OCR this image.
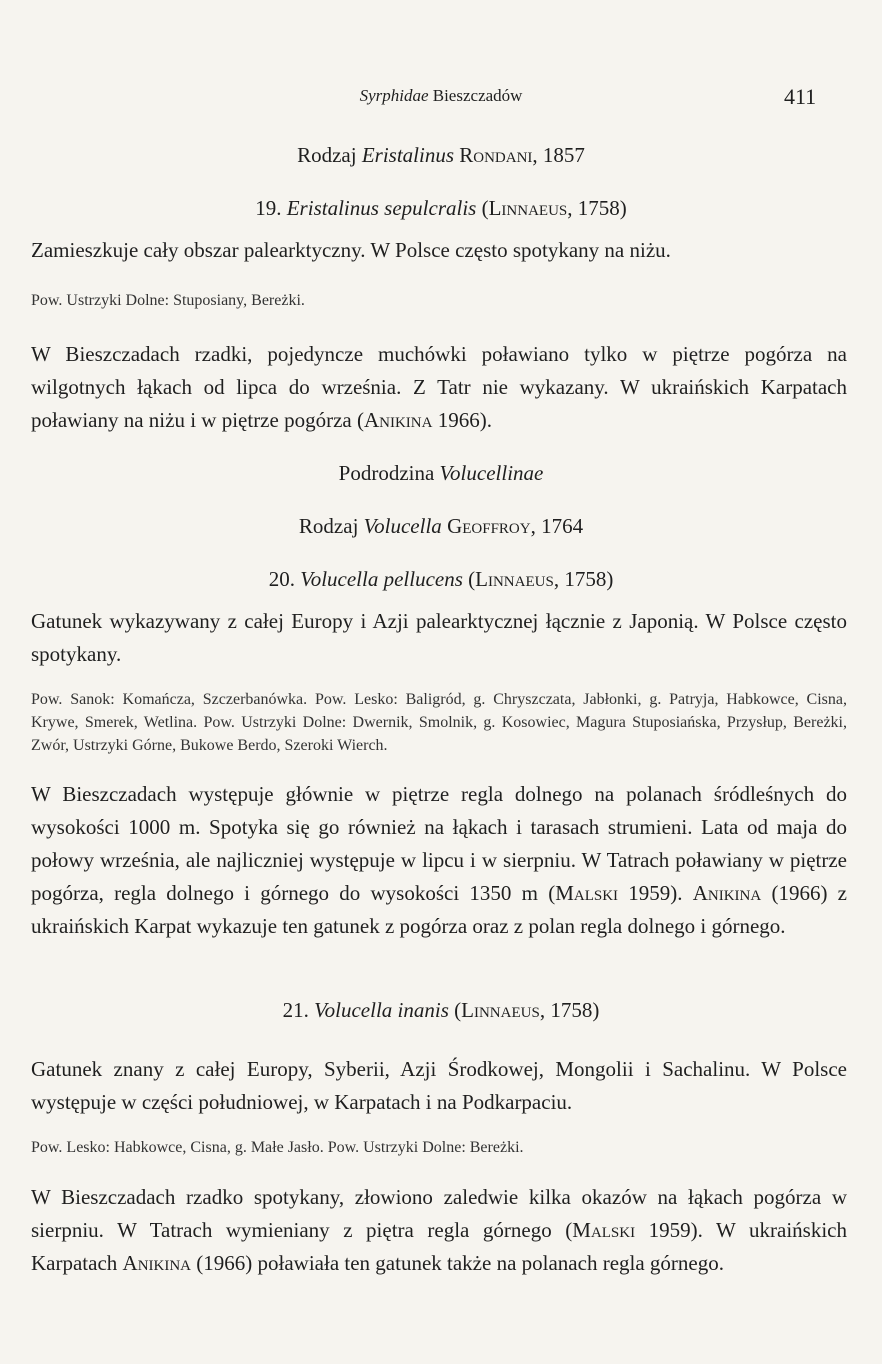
Syrphidae Bieszczadów	411

Rodzaj Eristalinus Rondani, 1857

19. Eristalinus sepulcralis (Linnaeus, 1758)

Zamieszkuje cały obszar palearktyczny. W Polsce często spotykany na niżu.

Pow. Ustrzyki Dolne: Stuposiany, Bereżki.

W Bieszczadach rzadki, pojedyncze muchówki poławiano tylko w piętrze pogórza na wilgotnych łąkach od lipca do września. Z Tatr nie wykazany. W ukraińskich Karpatach poławiany na niżu i w piętrze pogórza (Anikina 1966).

Podrodzina Volucellinae

Rodzaj Volucella Geoffroy, 1764

20. Volucella pellucens (Linnaeus, 1758)

Gatunek wykazywany z całej Europy i Azji palearktycznej łącznie z Japonią. W Polsce często spotykany.

Pow. Sanok: Komańcza, Szczerbanówka. Pow. Lesko: Baligród, g. Chryszczata, Jabłonki, g. Patryja, Habkowce, Cisna, Krywe, Smerek, Wetlina. Pow. Ustrzyki Dolne: Dwernik, Smolnik, g. Kosowiec, Magura Stuposiańska, Przysłup, Bereżki, Zwór, Ustrzyki Górne, Bukowe Berdo, Szeroki Wierch.

W Bieszczadach występuje głównie w piętrze regla dolnego na polanach śródleśnych do wysokości 1000 m. Spotyka się go również na łąkach i tarasach strumieni. Lata od maja do połowy września, ale najliczniej występuje w lipcu i w sierpniu. W Tatrach poławiany w piętrze pogórza, regla dolnego i górnego do wysokości 1350 m (Malski 1959). Anikina (1966) z ukraińskich Karpat wykazuje ten gatunek z pogórza oraz z polan regla dolnego i górnego.

21. Volucella inanis (Linnaeus, 1758)

Gatunek znany z całej Europy, Syberii, Azji Środkowej, Mongolii i Sachalinu. W Polsce występuje w części południowej, w Karpatach i na Podkarpaciu.

Pow. Lesko: Habkowce, Cisna, g. Małe Jasło. Pow. Ustrzyki Dolne: Bereżki.

W Bieszczadach rzadko spotykany, złowiono zaledwie kilka okazów na łąkach pogórza w sierpniu. W Tatrach wymieniany z piętra regla górnego (Malski 1959). W ukraińskich Karpatach Anikina (1966) poławiała ten gatunek także na polanach regla górnego.
